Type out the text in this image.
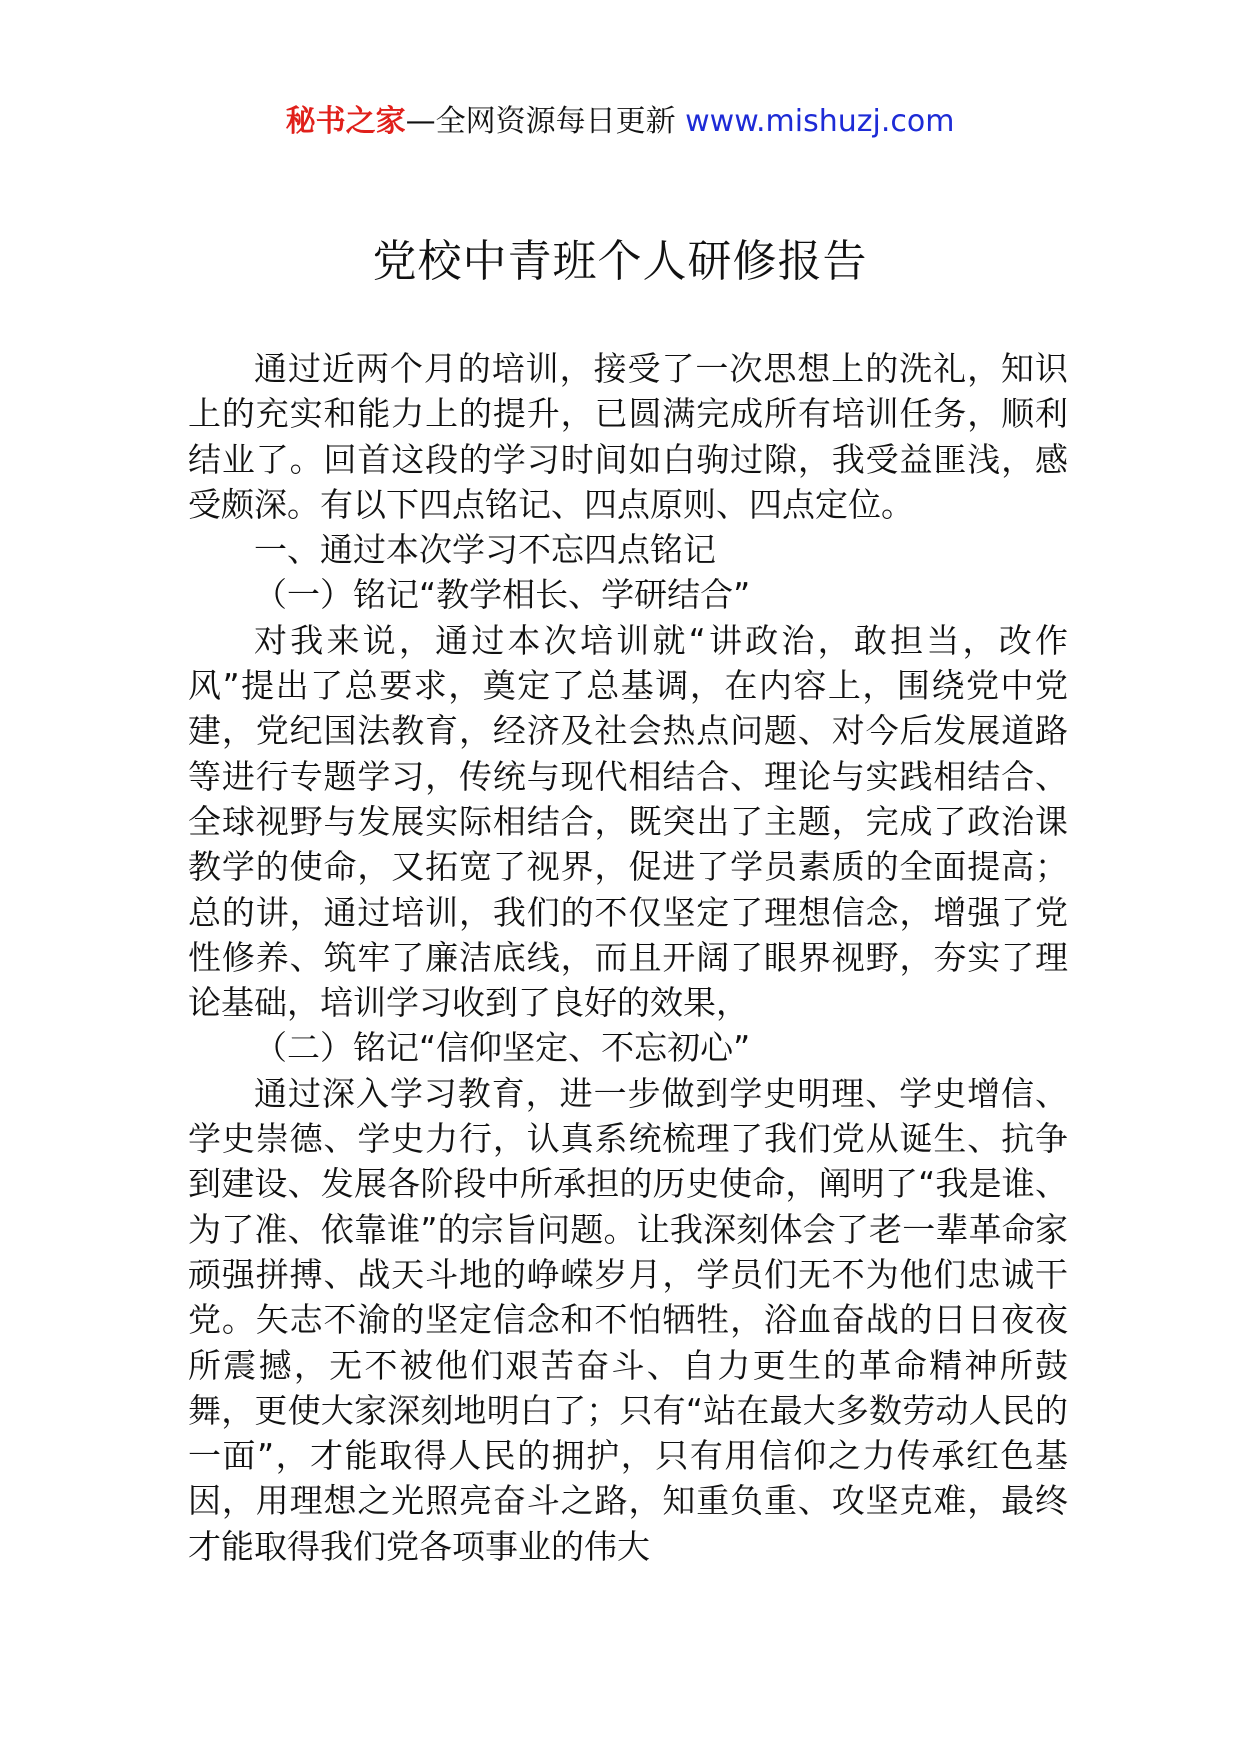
秘书之家—全网资源每日更新 www.mishuzj.com
党校中青班个人研修报告

通过近两个月的培训，接受了一次思想上的洗礼，知识上的充实和能力上的提升，已圆满完成所有培训任务，顺利结业了。回首这段的学习时间如白驹过隙，我受益匪浅，感受颇深。有以下四点铭记、四点原则、四点定位。

一、通过本次学习不忘四点铭记

（一）铭记“教学相长、学研结合”

对我来说，通过本次培训就“讲政治，敢担当，改作风”提出了总要求，奠定了总基调，在内容上，围绕党中党建，党纪国法教育，经济及社会热点问题、对今后发展道路等进行专题学习，传统与现代相结合、理论与实践相结合、全球视野与发展实际相结合，既突出了主题，完成了政治课教学的使命，又拓宽了视界，促进了学员素质的全面提高；总的讲，通过培训，我们的不仅坚定了理想信念，增强了党性修养、筑牢了廉洁底线，而且开阔了眼界视野，夯实了理论基础，培训学习收到了良好的效果，

（二）铭记“信仰坚定、不忘初心”

通过深入学习教育，进一步做到学史明理、学史增信、学史崇德、学史力行，认真系统梳理了我们党从诞生、抗争到建设、发展各阶段中所承担的历史使命，阐明了“我是谁、为了准、依靠谁”的宗旨问题。让我深刻体会了老一辈革命家顽强拼搏、战天斗地的峥嵘岁月，学员们无不为他们忠诚干党。矢志不渝的坚定信念和不怕牺牲，浴血奋战的日日夜夜所震撼，无不被他们艰苦奋斗、自力更生的革命精神所鼓舞，更使大家深刻地明白了；只有“站在最大多数劳动人民的一面”，才能取得人民的拥护，只有用信仰之力传承红色基因，用理想之光照亮奋斗之路，知重负重、攻坚克难，最终才能取得我们党各项事业的伟大
